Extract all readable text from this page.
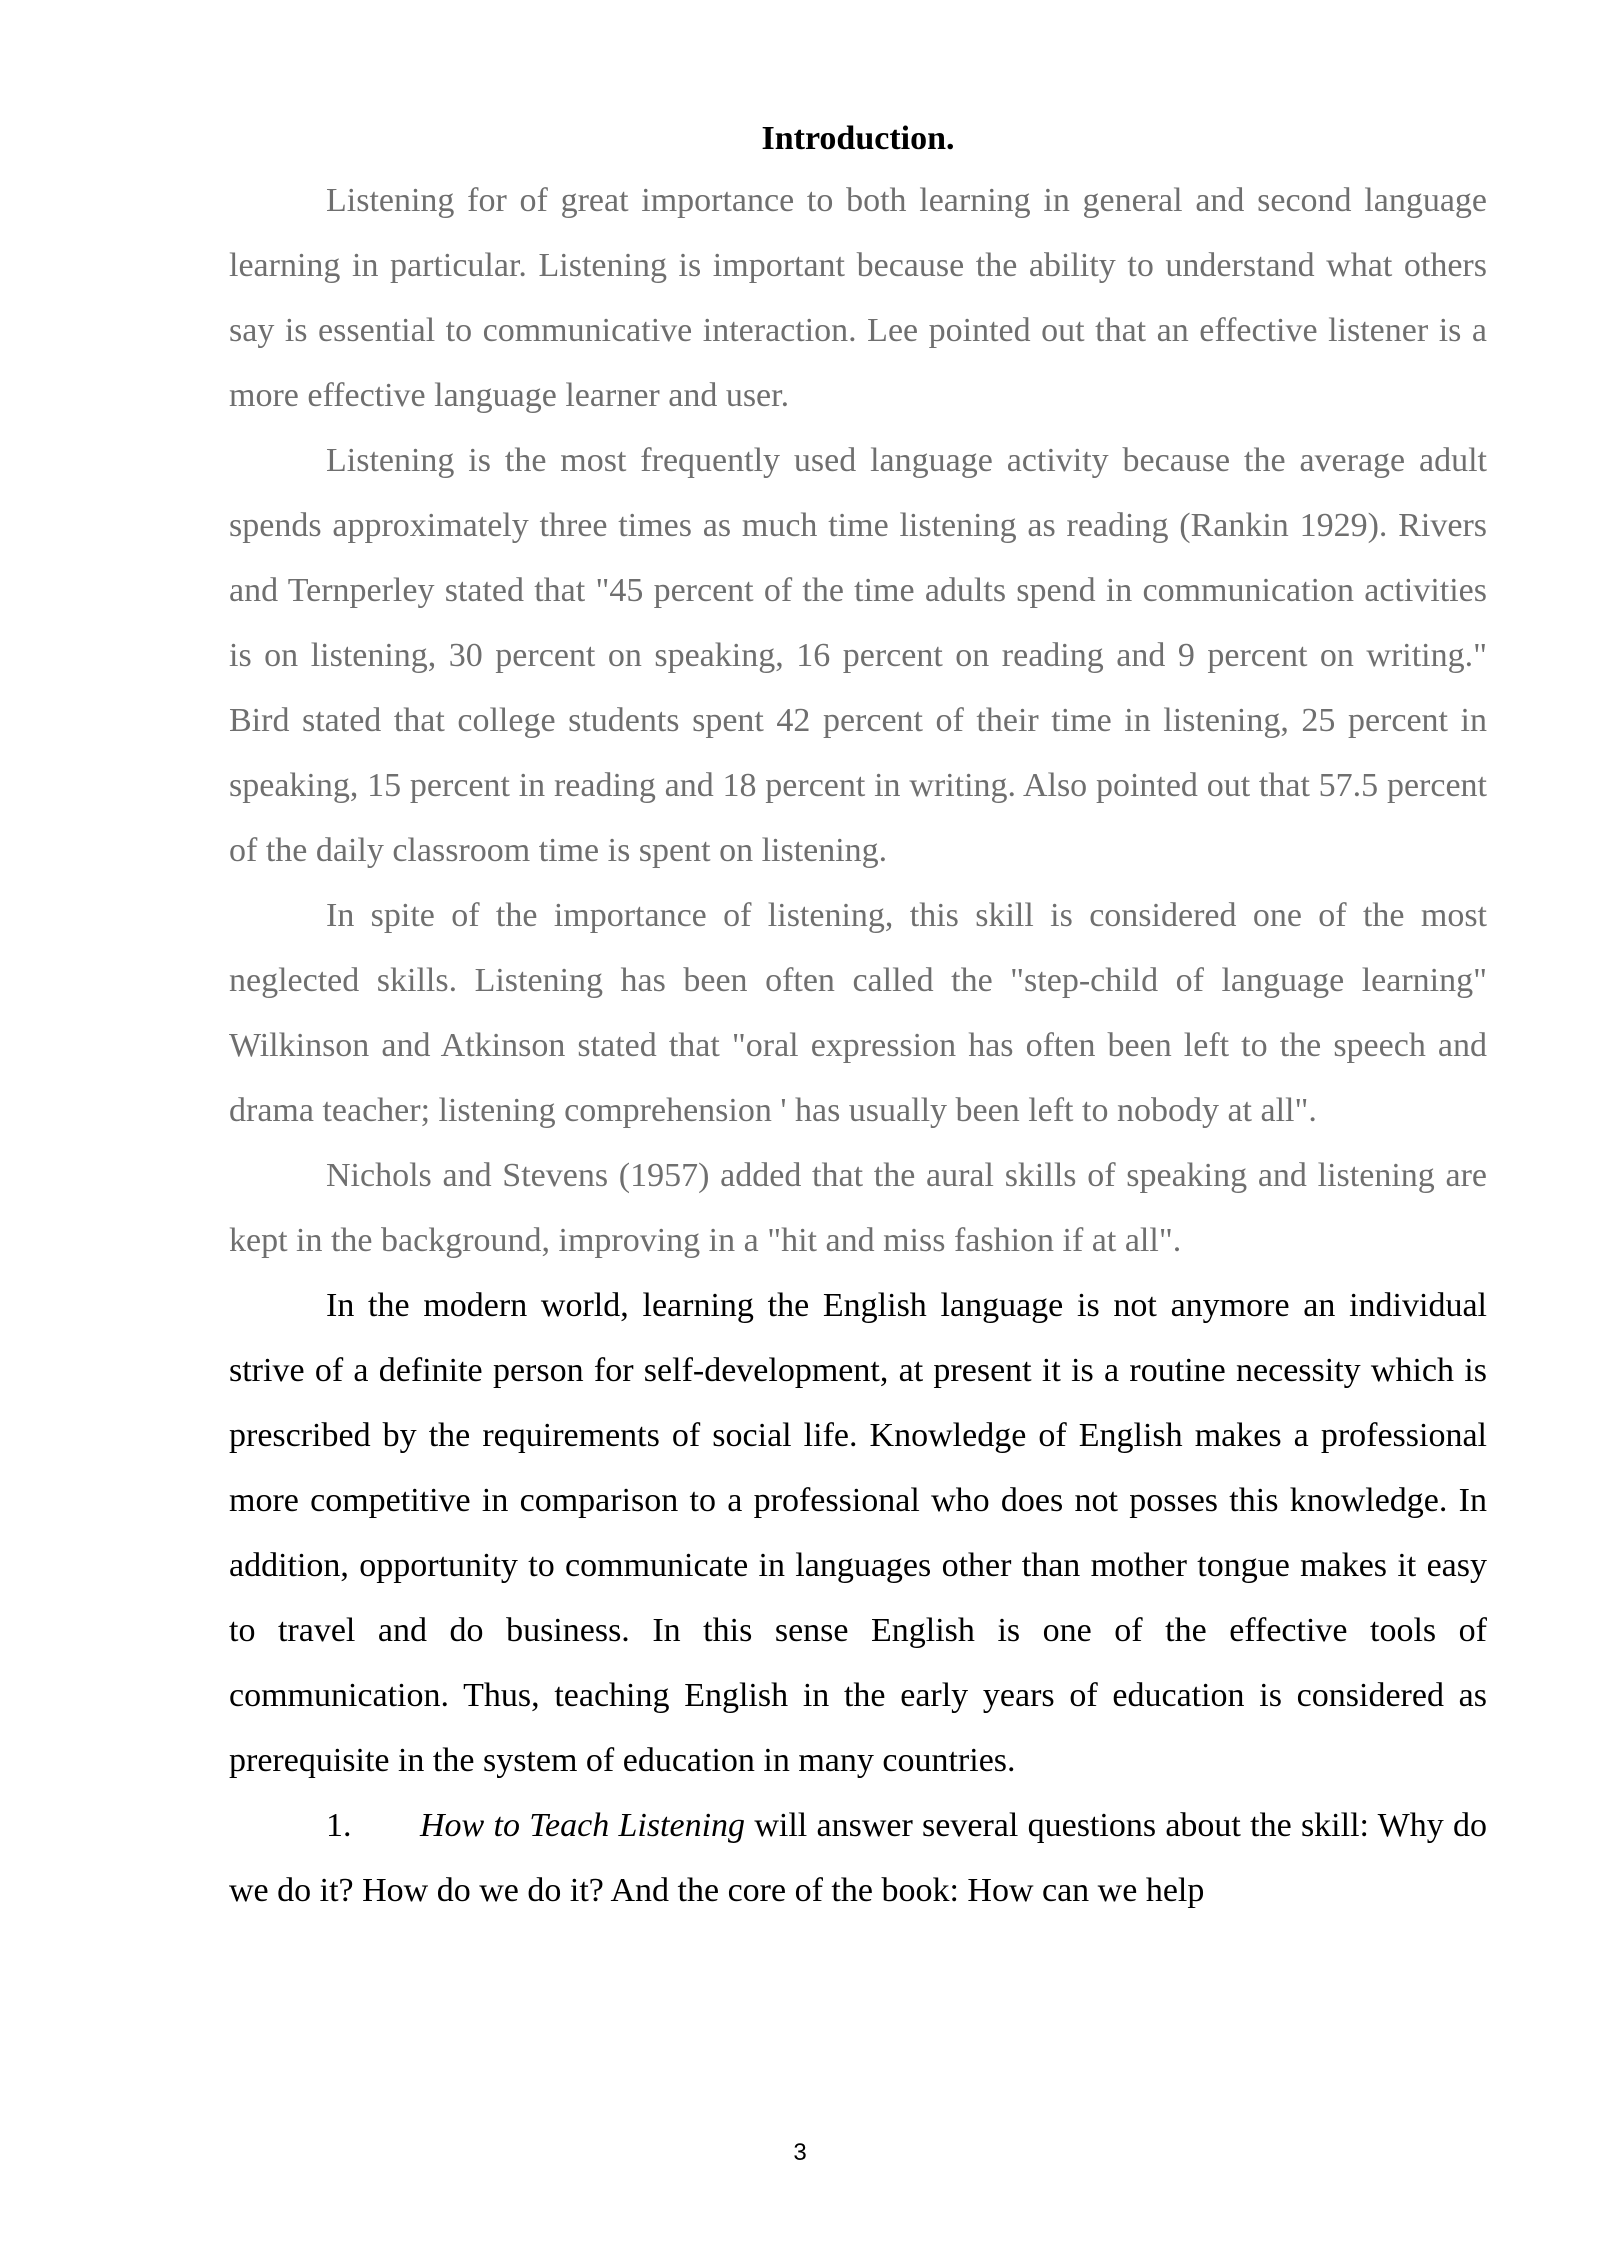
Introduction.

Listening for of great importance to both learning in general and second language learning in particular. Listening is important because the ability to understand what others say is essential to communicative interaction. Lee pointed out that an effective listener is a more effective language learner and user.

Listening is the most frequently used language activity because the average adult spends approximately three times as much time listening as reading (Rankin 1929). Rivers and Ternperley stated that "45 percent of the time adults spend in communication activities is on listening, 30 percent on speaking, 16 percent on reading and 9 percent on writing." Bird stated that college students spent 42 percent of their time in listening, 25 percent in speaking, 15 percent in reading and 18 percent in writing. Also pointed out that 57.5 percent of the daily classroom time is spent on listening.

In spite of the importance of listening, this skill is considered one of the most neglected skills. Listening has been often called the "step-child of language learning" Wilkinson and Atkinson stated that "oral expression has often been left to the speech and drama teacher; listening comprehension ' has usually been left to nobody at all".

Nichols and Stevens (1957) added that the aural skills of speaking and listening are kept in the background, improving in a "hit and miss fashion if at all".

In the modern world, learning the English language is not anymore an individual strive of a definite person for self-development, at present it is a routine necessity which is prescribed by the requirements of social life. Knowledge of English makes a professional more competitive in comparison to a professional who does not posses this knowledge. In addition, opportunity to communicate in languages other than mother tongue makes it easy to travel and do business. In this sense English is one of the effective tools of communication. Thus, teaching English in the early years of education is considered as prerequisite in the system of education in many countries.

1. How to Teach Listening will answer several questions about the skill: Why do we do it? How do we do it? And the core of the book: How can we help

3
